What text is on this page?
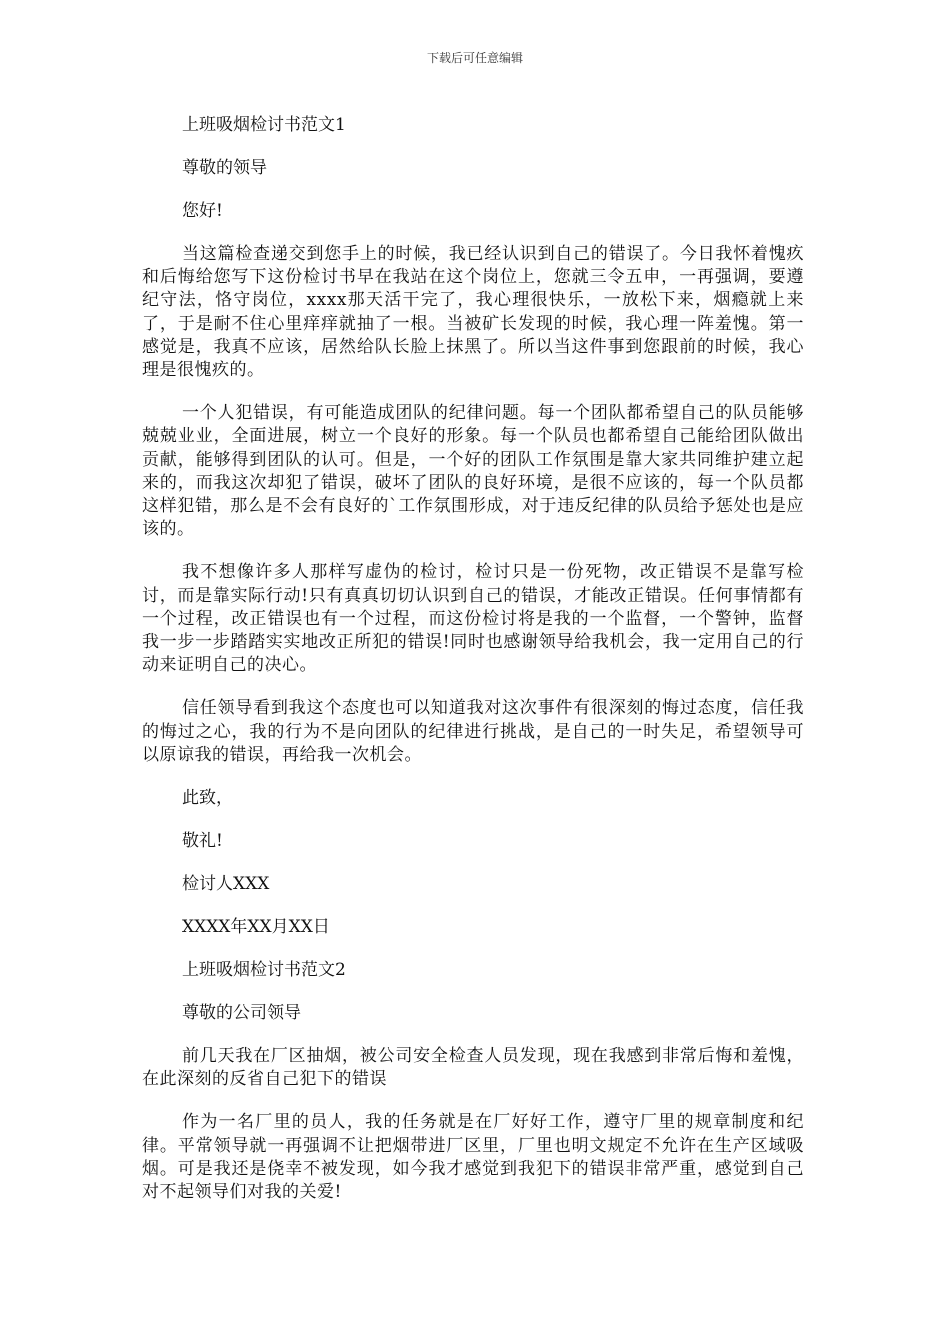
下载后可任意编辑
上班吸烟检讨书范文1
尊敬的领导
您好!

当这篇检查递交到您手上的时候，我已经认识到自己的错误了。今日我怀着愧疚和后悔给您写下这份检讨书早在我站在这个岗位上，您就三令五申，一再强调，要遵纪守法，恪守岗位，xxxx那天活干完了，我心理很快乐，一放松下来，烟瘾就上来了，于是耐不住心里痒痒就抽了一根。当被矿长发现的时候，我心理一阵羞愧。第一感觉是，我真不应该，居然给队长脸上抹黑了。所以当这件事到您跟前的时候，我心理是很愧疚的。

一个人犯错误，有可能造成团队的纪律问题。每一个团队都希望自己的队员能够兢兢业业，全面进展，树立一个良好的形象。每一个队员也都希望自己能给团队做出贡献，能够得到团队的认可。但是，一个好的团队工作氛围是靠大家共同维护建立起来的，而我这次却犯了错误，破坏了团队的良好环境，是很不应该的，每一个队员都这样犯错，那么是不会有良好的`工作氛围形成，对于违反纪律的队员给予惩处也是应该的。

我不想像许多人那样写虚伪的检讨，检讨只是一份死物，改正错误不是靠写检讨，而是靠实际行动!只有真真切切认识到自己的错误，才能改正错误。任何事情都有一个过程，改正错误也有一个过程，而这份检讨将是我的一个监督，一个警钟，监督我一步一步踏踏实实地改正所犯的错误!同时也感谢领导给我机会，我一定用自己的行动来证明自己的决心。

信任领导看到我这个态度也可以知道我对这次事件有很深刻的悔过态度，信任我的悔过之心，我的行为不是向团队的纪律进行挑战，是自己的一时失足，希望领导可以原谅我的错误，再给我一次机会。

此致，
敬礼!
检讨人XXX
XXXX年XX月XX日
上班吸烟检讨书范文2
尊敬的公司领导

前几天我在厂区抽烟，被公司安全检查人员发现，现在我感到非常后悔和羞愧，在此深刻的反省自己犯下的错误

作为一名厂里的员人，我的任务就是在厂好好工作，遵守厂里的规章制度和纪律。平常领导就一再强调不让把烟带进厂区里，厂里也明文规定不允许在生产区域吸烟。可是我还是侥幸不被发现，如今我才感觉到我犯下的错误非常严重，感觉到自己对不起领导们对我的关爱!
